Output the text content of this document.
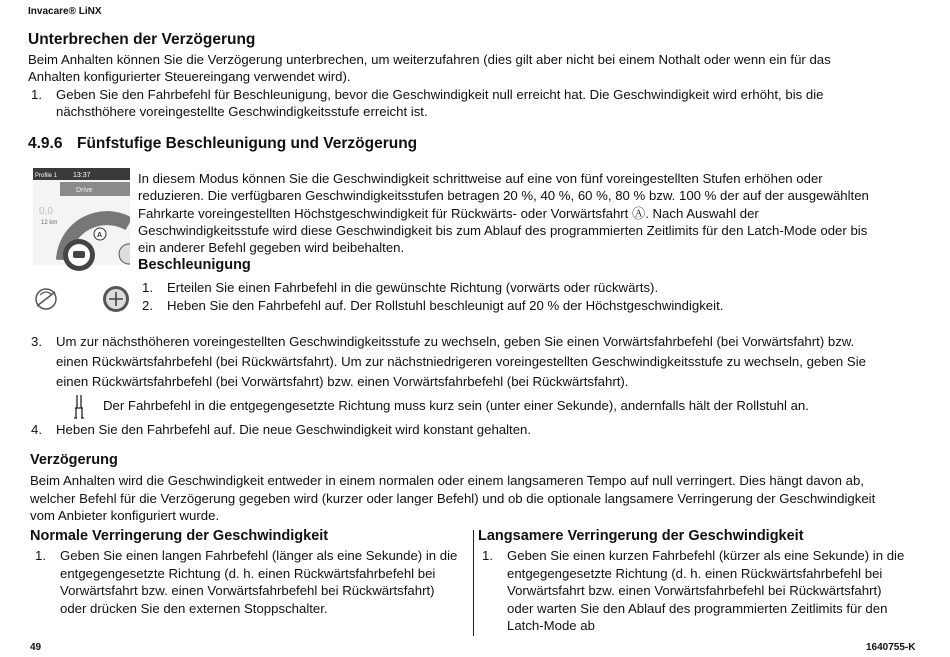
Invacare® LiNX
Unterbrechen der Verzögerung
Beim Anhalten können Sie die Verzögerung unterbrechen, um weiterzufahren (dies gilt aber nicht bei einem Nothalt oder wenn ein für das
Anhalten konfigurierter Steuereingang verwendet wird).
1. Geben Sie den Fahrbefehl für Beschleunigung, bevor die Geschwindigkeit null erreicht hat. Die Geschwindigkeit wird erhöht, bis die
nächsthöhere voreingestellte Geschwindigkeitsstufe erreicht ist.
4.9.6 Fünfstufige Beschleunigung und Verzögerung
Profile 1 13:37
Drive
0.0
12 km
A
In diesem Modus können Sie die Geschwindigkeit schrittweise auf eine von fünf voreingestellten Stufen erhöhen oder
reduzieren. Die verfügbaren Geschwindigkeitsstufen betragen 20 %, 40 %, 60 %, 80 % bzw. 100 % der auf der ausgewählten
Fahrkarte voreingestellten Höchstgeschwindigkeit für Rückwärts- oder Vorwärtsfahrt Ⓐ. Nach Auswahl der
Geschwindigkeitsstufe wird diese Geschwindigkeit bis zum Ablauf des programmierten Zeitlimits für den Latch-Mode oder bis
ein anderer Befehl gegeben wird beibehalten.
Beschleunigung
1. Erteilen Sie einen Fahrbefehl in die gewünschte Richtung (vorwärts oder rückwärts).
2. Heben Sie den Fahrbefehl auf. Der Rollstuhl beschleunigt auf 20 % der Höchstgeschwindigkeit.
3. Um zur nächsthöheren voreingestellten Geschwindigkeitsstufe zu wechseln, geben Sie einen Vorwärtsfahrbefehl (bei Vorwärtsfahrt) bzw.
einen Rückwärtsfahrbefehl (bei Rückwärtsfahrt). Um zur nächstniedrigeren voreingestellten Geschwindigkeitsstufe zu wechseln, geben Sie
einen Rückwärtsfahrbefehl (bei Vorwärtsfahrt) bzw. einen Vorwärtsfahrbefehl (bei Rückwärtsfahrt).
Der Fahrbefehl in die entgegengesetzte Richtung muss kurz sein (unter einer Sekunde), andernfalls hält der Rollstuhl an.
4. Heben Sie den Fahrbefehl auf. Die neue Geschwindigkeit wird konstant gehalten.
Verzögerung
Beim Anhalten wird die Geschwindigkeit entweder in einem normalen oder einem langsameren Tempo auf null verringert. Dies hängt davon ab,
welcher Befehl für die Verzögerung gegeben wird (kurzer oder langer Befehl) und ob die optionale langsamere Verringerung der Geschwindigkeit
vom Anbieter konfiguriert wurde.
Normale Verringerung der Geschwindigkeit
1. Geben Sie einen langen Fahrbefehl (länger als eine Sekunde) in die
entgegengesetzte Richtung (d. h. einen Rückwärtsfahrbefehl bei
Vorwärtsfahrt bzw. einen Vorwärtsfahrbefehl bei Rückwärtsfahrt)
oder drücken Sie den externen Stoppschalter.
Langsamere Verringerung der Geschwindigkeit
1. Geben Sie einen kurzen Fahrbefehl (kürzer als eine Sekunde) in die
entgegengesetzte Richtung (d. h. einen Rückwärtsfahrbefehl bei
Vorwärtsfahrt bzw. einen Vorwärtsfahrbefehl bei Rückwärtsfahrt)
oder warten Sie den Ablauf des programmierten Zeitlimits für den
Latch-Mode ab
49	1640755-K
